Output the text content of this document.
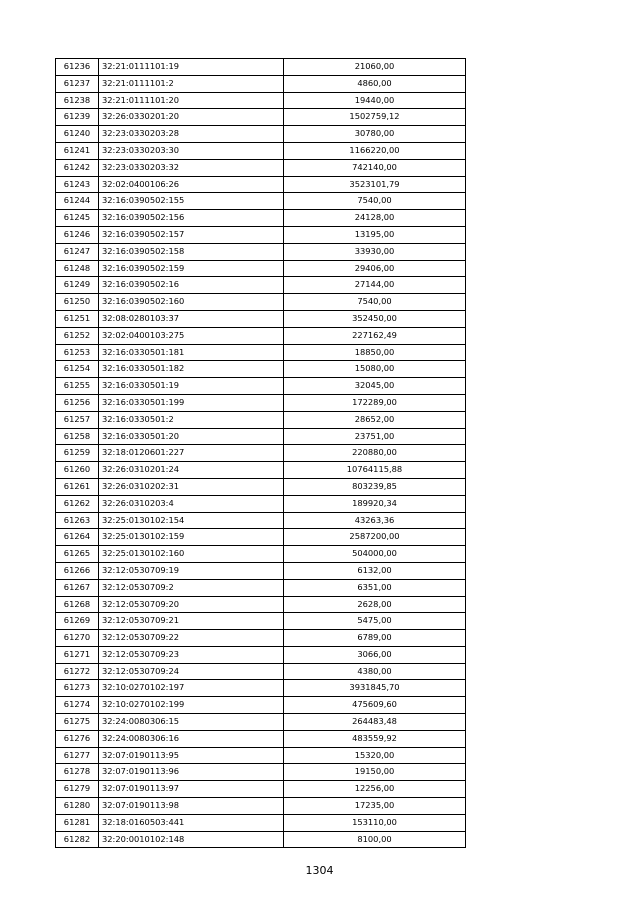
61236	32:21:0111101:19	21060,00
61237	32:21:0111101:2	4860,00
61238	32:21:0111101:20	19440,00
61239	32:26:0330201:20	1502759,12
61240	32:23:0330203:28	30780,00
61241	32:23:0330203:30	1166220,00
61242	32:23:0330203:32	742140,00
61243	32:02:0400106:26	3523101,79
61244	32:16:0390502:155	7540,00
61245	32:16:0390502:156	24128,00
61246	32:16:0390502:157	13195,00
61247	32:16:0390502:158	33930,00
61248	32:16:0390502:159	29406,00
61249	32:16:0390502:16	27144,00
61250	32:16:0390502:160	7540,00
61251	32:08:0280103:37	352450,00
61252	32:02:0400103:275	227162,49
61253	32:16:0330501:181	18850,00
61254	32:16:0330501:182	15080,00
61255	32:16:0330501:19	32045,00
61256	32:16:0330501:199	172289,00
61257	32:16:0330501:2	28652,00
61258	32:16:0330501:20	23751,00
61259	32:18:0120601:227	220880,00
61260	32:26:0310201:24	10764115,88
61261	32:26:0310202:31	803239,85
61262	32:26:0310203:4	189920,34
61263	32:25:0130102:154	43263,36
61264	32:25:0130102:159	2587200,00
61265	32:25:0130102:160	504000,00
61266	32:12:0530709:19	6132,00
61267	32:12:0530709:2	6351,00
61268	32:12:0530709:20	2628,00
61269	32:12:0530709:21	5475,00
61270	32:12:0530709:22	6789,00
61271	32:12:0530709:23	3066,00
61272	32:12:0530709:24	4380,00
61273	32:10:0270102:197	3931845,70
61274	32:10:0270102:199	475609,60
61275	32:24:0080306:15	264483,48
61276	32:24:0080306:16	483559,92
61277	32:07:0190113:95	15320,00
61278	32:07:0190113:96	19150,00
61279	32:07:0190113:97	12256,00
61280	32:07:0190113:98	17235,00
61281	32:18:0160503:441	153110,00
61282	32:20:0010102:148	8100,00
1304
